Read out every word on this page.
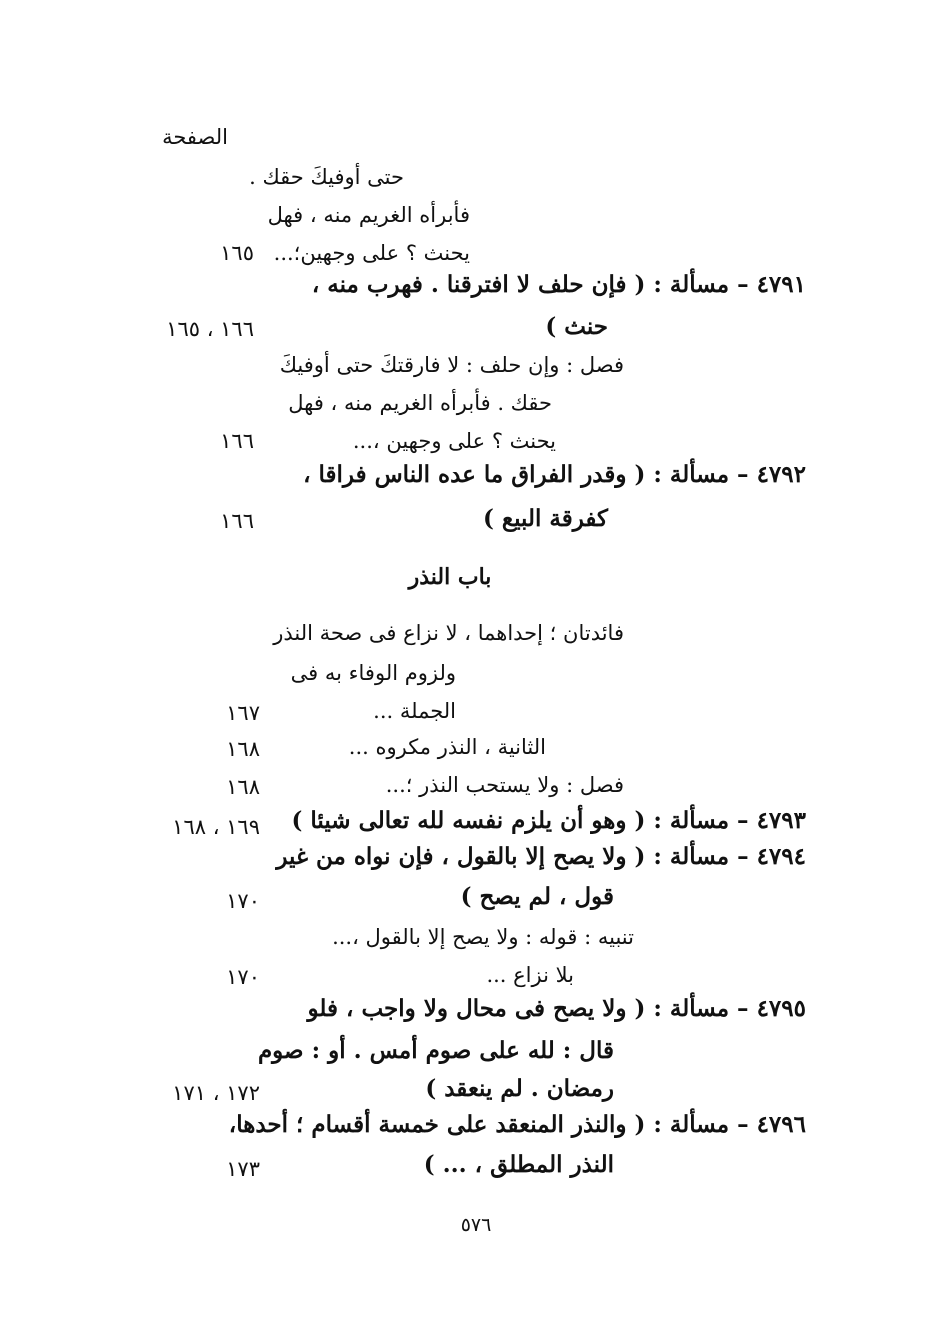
الصفحة
حتى أوفيكَ حقك .
فأبرأه الغريم منه ، فهل
يحنث ؟ على وجهين؛...
١٦٥
٤٧٩١ – مسألة : ( فإن حلف لا افترقنا . فهرب منه ،
حنث )
١٦٦ ، ١٦٥
فصل : وإن حلف : لا فارقتكَ حتى أوفيكَ
حقك . فأبرأه الغريم منه ، فهل
يحنث ؟ على وجهين ،...
١٦٦
٤٧٩٢ – مسألة : ( وقدر الفراق ما عده الناس فراقا ،
كفرقة البيع )
١٦٦
باب النذر
فائدتان ؛ إحداهما ، لا نزاع فى صحة النذر
ولزوم الوفاء به فى
الجملة ...
١٦٧
الثانية ، النذر مكروه ...
١٦٨
فصل : ولا يستحب النذر ؛...
١٦٨
٤٧٩٣ – مسألة : ( وهو أن يلزم نفسه لله تعالى شيئا )
١٦٩ ، ١٦٨
٤٧٩٤ – مسألة : ( ولا يصح إلا بالقول ، فإن نواه من غير
قول ، لم يصح )
١٧٠
تنبيه : قوله : ولا يصح إلا بالقول ،...
بلا نزاع ...
١٧٠
٤٧٩٥ – مسألة : ( ولا يصح فى محال ولا واجب ، فلو
قال : لله على صوم أمس . أو : صوم
رمضان . لم ينعقد )
١٧٢ ، ١٧١
٤٧٩٦ – مسألة : ( والنذر المنعقد على خمسة أقسام ؛ أحدها،
النذر المطلق ، ... )
١٧٣
٥٧٦
